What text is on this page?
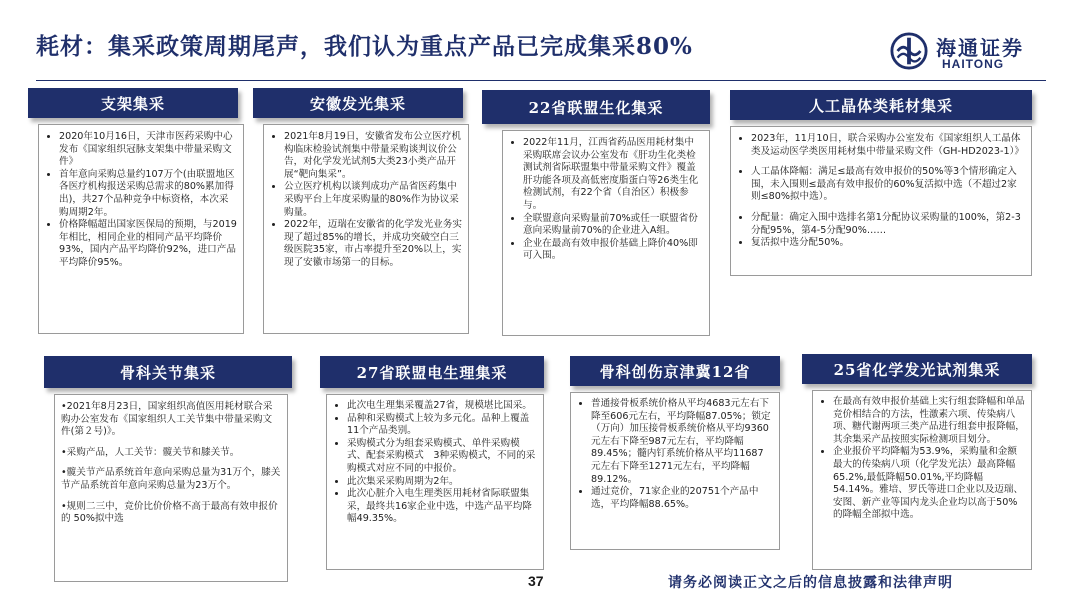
耗材：集采政策周期尾声，我们认为重点产品已完成集采80%	海通证券
HAITONG
支架集采
• 2020年10月16日，天津市医药采购中心发布《国家组织冠脉支架集中带量采购文件》
• 首年意向采购总量约107万个(由联盟地区各医疗机构报送采购总需求的80%累加得出)，共27个品种竞争中标资格，本次采购周期2年。
• 价格降幅超出国家医保局的预期，与2019年相比，相同企业的相同产品平均降价93%，国内产品平均降价92%，进口产品平均降价95%。
安徽发光集采
• 2021年8月19日，安徽省发布公立医疗机构临床检验试剂集中带量采购谈判议价公告，对化学发光试剂5大类23小类产品开展“靶向集采”。
• 公立医疗机构以谈判成功产品省医药集中采购平台上年度采购量的80%作为协议采购量。
• 2022年，迈瑞在安徽省的化学发光业务实现了超过85%的增长，并成功突破空白三级医院35家，市占率提升至20%以上，实现了安徽市场第一的目标。
22省联盟生化集采
• 2022年11月，江西省药品医用耗材集中采购联席会议办公室发布《肝功生化类检测试剂省际联盟集中带量采购文件》覆盖肝功能各项及高低密度脂蛋白等26类生化检测试剂，有22个省（自治区）积极参与。
• 全联盟意向采购量前70%或任一联盟省份意向采购量前70%的企业进入A组。
• 企业在最高有效申报价基础上降价40%即可入围。
人工晶体类耗材集采
• 2023年，11月10日，联合采购办公室发布《国家组织人工晶体类及运动医学类医用耗材集中带量采购文件（GH-HD2023-1）》
• 人工晶体降幅：满足≤最高有效申报价的50%等3个情形确定入围，未入围则≤最高有效申报价的60%复活拟中选（不超过2家则≤80%拟中选）。
• 分配量：确定入围中选排名第1分配协议采购量的100%，第2-3分配95%，第4-5分配90%……
• 复活拟中选分配50%。
骨科关节集采
•2021年8月23日，国家组织高值医用耗材联合采购办公室发布《国家组织人工关节集中带量采购文件(第２号)》。
•采购产品，人工关节：髋关节和膝关节。
•髋关节产品系统首年意向采购总量为31万个，膝关节产品系统首年意向采购总量为23万个。
•规则二三中，竞价比价价格不高于最高有效申报价的 50%拟中选
27省联盟电生理集采
• 此次电生理集采覆盖27省，规模堪比国采。
• 品种和采购模式上较为多元化。品种上覆盖11个产品类别。
• 采购模式分为组套采购模式、单件采购模式、配套采购模式　3种采购模式，不同的采购模式对应不同的中报价。
• 此次集采采购周期为2年。
• 此次心脏介入电生理类医用耗材省际联盟集采，最终共16家企业中选，中选产品平均降幅49.35%。
骨科创伤京津冀12省
• 普通接骨板系统价格从平均4683元左右下降至606元左右，平均降幅87.05%；锁定（万向）加压接骨板系统价格从平均9360元左右下降至987元左右，平均降幅89.45%；髓内钉系统价格从平均11687元左右下降至1271元左右，平均降幅89.12%。
• 通过竞价，71家企业的20751个产品中选，平均降幅88.65%。
25省化学发光试剂集采
• 在最高有效申报价基础上实行组套降幅和单品竞价相结合的方法，性激素六项、传染病八项、糖代谢两项三类产品进行组套申报降幅，其余集采产品按照实际检测项目划分。
• 企业报价平均降幅为53.9%，采购量和金额最大的传染病八项（化学发光法）最高降幅 65.2%,最低降幅50.01%,平均降幅54.14%。雅培、罗氏等进口企业以及迈瑞、安图、新产业等国内龙头企业均以高于50%的降幅全部拟中选。
37	请务必阅读正文之后的信息披露和法律声明
